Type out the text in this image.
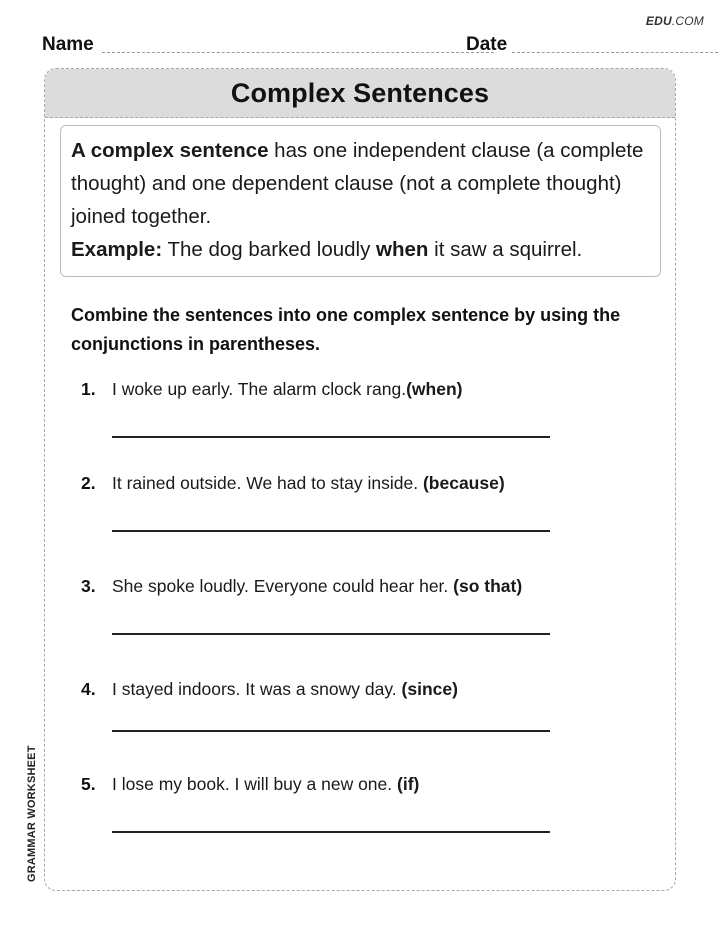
EDU.COM
Name	Date
GRAMMAR WORKSHEET
Complex Sentences
A complex sentence has one independent clause (a complete thought) and one dependent clause (not a complete thought) joined together.
Example: The dog barked loudly when it saw a squirrel.
Combine the sentences into one complex sentence by using the conjunctions in parentheses.
1. I woke up early. The alarm clock rang.(when)
2. It rained outside. We had to stay inside. (because)
3. She spoke loudly. Everyone could hear her. (so that)
4. I stayed indoors. It was a snowy day. (since)
5. I lose my book. I will buy a new one. (if)
